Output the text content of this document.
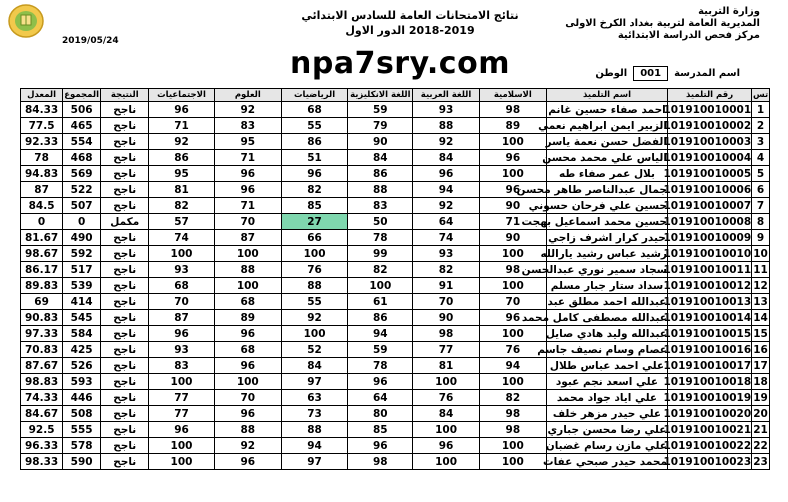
2019/05/24
وزارة التربية
المديرية العامة لتربية بغداد الكرخ الاولى
مركز فحص الدراسة الابتدائية
نتائج الامتحانات العامة للسادس الابتدائي
2018-2019 الدور الاول
npa7sry.com	اسم المدرسة
001
الوطن
تس	رقم التلميذ	اسم التلميذ	الاسلامية	اللغة العربية	اللغة الانكليزية	الرياضيات	العلوم	الاجتماعيات	النتيجة	المجموع	المعدل
1	101910010001	احمد صفاء حسين غانم	98	93	59	68	92	96	ناجح	506	84.33
2	101910010002	الزبير ايمن ابراهيم نعمي	89	88	79	55	83	71	ناجح	465	77.5
3	101910010003	الفضل حسن نعمة ياسر	100	92	90	86	95	92	ناجح	554	92.33
4	101910010004	الياس علي محمد محسن	96	84	84	51	71	86	ناجح	468	78
5	101910010005	بلال عمر صفاء طه	100	96	86	96	96	95	ناجح	569	94.83
6	101910010006	جمال عبدالناصر طاهر محسن	96	94	88	82	96	81	ناجح	522	87
7	101910010007	حسين علي فرحان حسوني	90	92	83	85	71	82	ناجح	507	84.5
8	101910010008	حسين محمد اسماعيل بهجت	71	64	50	27	70	57	مكمل	0	0
9	101910010009	حيدر كرار اشرف زاجي	90	74	78	66	87	74	ناجح	490	81.67
10	101910010010	رشيد عباس رشيد يارالله	100	93	99	100	100	100	ناجح	592	98.67
11	101910010011	سجاد سمير نوري عبدالحسن	98	82	82	76	88	93	ناجح	517	86.17
12	101910010012	سداد ستار جبار مسلم	100	91	100	88	100	68	ناجح	539	89.83
13	101910010013	عبدالله احمد مطلق عبد	70	70	61	55	68	70	ناجح	414	69
14	101910010014	عبدالله مصطفى كامل محمد	96	90	86	92	89	87	ناجح	545	90.83
15	101910010015	عبدالله وليد هادي صايل	100	98	94	100	96	96	ناجح	584	97.33
16	101910010016	عصام وسام نصيف جاسم	76	77	59	52	68	93	ناجح	425	70.83
17	101910010017	علي احمد عباس طلال	94	81	78	84	96	83	ناجح	526	87.67
18	101910010018	علي اسعد نجم عبود	100	100	96	97	100	100	ناجح	593	98.83
19	101910010019	علي اياد جواد محمد	82	76	64	63	70	77	ناجح	446	74.33
20	101910010020	علي حيدر مزهر خلف	98	84	80	73	96	77	ناجح	508	84.67
21	101910010021	علي رضا محسن جباري	98	100	85	88	88	96	ناجح	555	92.5
22	101910010022	علي مازن رسام غضبان	100	96	96	94	92	100	ناجح	578	96.33
23	101910010023	محمد حيدر صبحي عفات	100	100	98	97	96	100	ناجح	590	98.33
